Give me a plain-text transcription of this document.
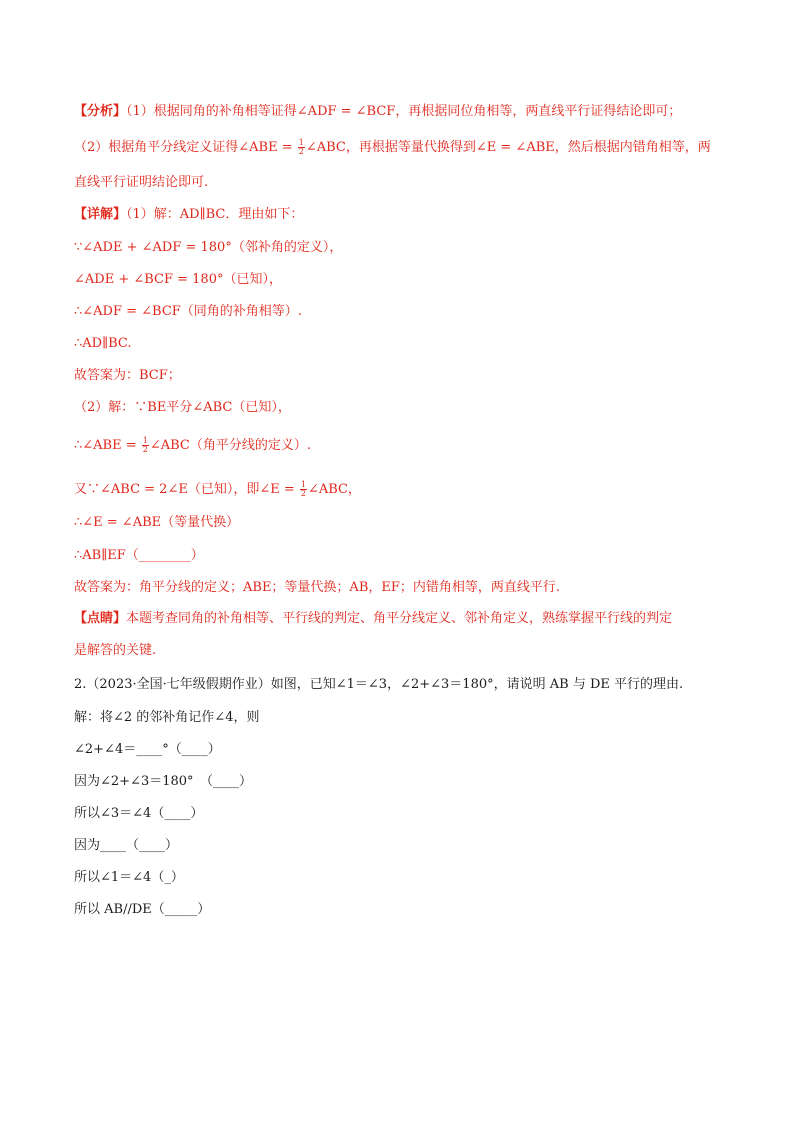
【分析】（1）根据同角的补角相等证得∠ADF = ∠BCF，再根据同位角相等，两直线平行证得结论即可；
（2）根据角平分线定义证得∠ABE = $\frac{1}{2}$ ∠ABC，再根据等量代换得到∠E = ∠ABE，然后根据内错角相等，两
直线平行证明结论即可.
【详解】（1）解：AD∥BC．理由如下：
∵∠ADE + ∠ADF = 180°（邻补角的定义），
∠ADE + ∠BCF = 180°（已知），
∴∠ADF = ∠BCF（同角的补角相等）.
∴AD∥BC.
故答案为：BCF；
（2）解：∵BE平分∠ABC（已知），
∴∠ABE = $\frac{1}{2}$ ∠ABC（角平分线的定义）.
又∵∠ABC = 2∠E（已知），即∠E = $\frac{1}{2}$ ∠ABC，
∴∠E = ∠ABE（等量代换）
∴AB∥EF（________）
故答案为：角平分线的定义；ABE；等量代换；AB，EF；内错角相等，两直线平行.
【点睛】本题考查同角的补角相等、平行线的判定、角平分线定义、邻补角定义，熟练掌握平行线的判定
是解答的关键.
2.（2023·全国·七年级假期作业）如图，已知∠1＝∠3，∠2+∠3＝180°，请说明 AB 与 DE 平行的理由.
解：将∠2 的邻补角记作∠4，则
∠2+∠4＝____°（____）
因为∠2+∠3＝180°　（____）
所以∠3＝∠4（____）
因为____（____）
所以∠1＝∠4（_）
所以 AB//DE（_____）
